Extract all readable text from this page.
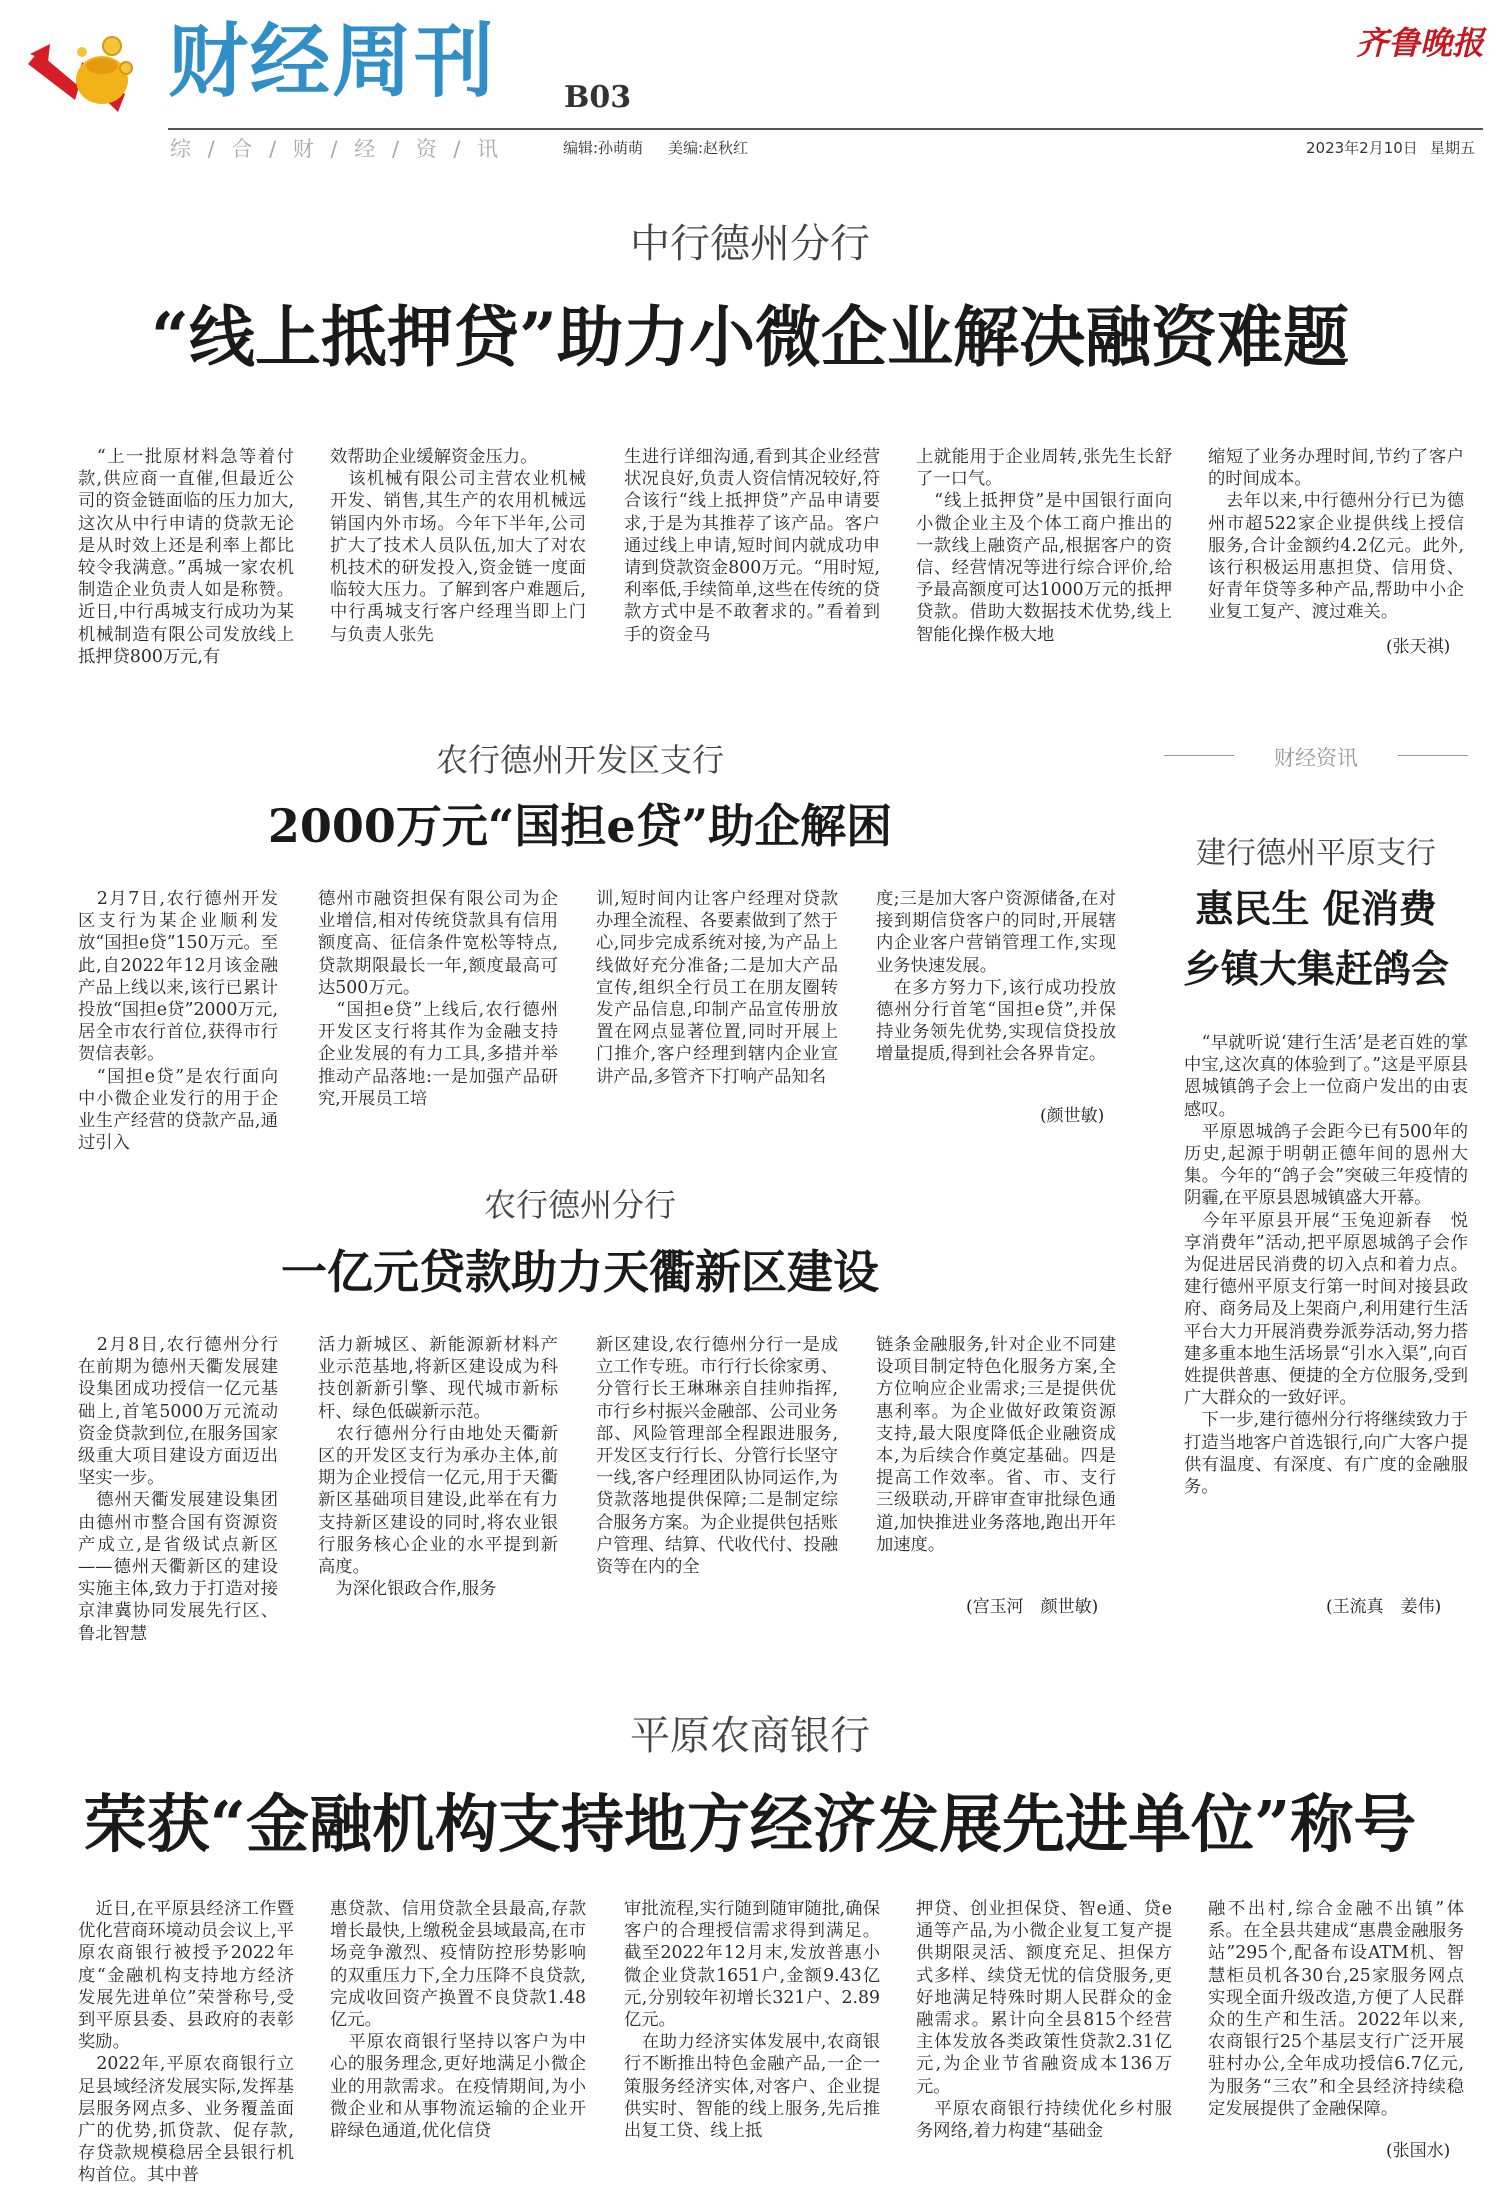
财经周刊 B03
综 / 合 / 财 / 经 / 资 / 讯	编辑:孙萌萌 美编:赵秋红	2023年2月10日 星期五
齐鲁晚报
中行德州分行
“线上抵押贷”助力小微企业解决融资难题
　“上一批原材料急等着付款,供应商一直催,但最近公司的资金链面临的压力加大,这次从中行申请的贷款无论是从时效上还是利率上都比较令我满意。”禹城一家农机制造企业负责人如是称赞。近日,中行禹城支行成功为某机械制造有限公司发放线上抵押贷800万元,有
效帮助企业缓解资金压力。
　该机械有限公司主营农业机械开发、销售,其生产的农用机械远销国内外市场。今年下半年,公司扩大了技术人员队伍,加大了对农机技术的研发投入,资金链一度面临较大压力。了解到客户难题后,中行禹城支行客户经理当即上门与负责人张先
生进行详细沟通,看到其企业经营状况良好,负责人资信情况较好,符合该行“线上抵押贷”产品申请要求,于是为其推荐了该产品。客户通过线上申请,短时间内就成功申请到贷款资金800万元。“用时短,利率低,手续简单,这些在传统的贷款方式中是不敢奢求的。”看着到手的资金马
上就能用于企业周转,张先生长舒了一口气。
　“线上抵押贷”是中国银行面向小微企业主及个体工商户推出的一款线上融资产品,根据客户的资信、经营情况等进行综合评价,给予最高额度可达1000万元的抵押贷款。借助大数据技术优势,线上智能化操作极大地
缩短了业务办理时间,节约了客户的时间成本。
　去年以来,中行德州分行已为德州市超522家企业提供线上授信服务,合计金额约4.2亿元。此外,该行积极运用惠担贷、信用贷、好青年贷等多种产品,帮助中小企业复工复产、渡过难关。
(张天祺)
农行德州开发区支行
2000万元“国担e贷”助企解困
　2月7日,农行德州开发区支行为某企业顺利发放“国担e贷”150万元。至此,自2022年12月该金融产品上线以来,该行已累计投放“国担e贷”2000万元,居全市农行首位,获得市行贺信表彰。
　“国担e贷”是农行面向中小微企业发行的用于企业生产经营的贷款产品,通过引入
德州市融资担保有限公司为企业增信,相对传统贷款具有信用额度高、征信条件宽松等特点,贷款期限最长一年,额度最高可达500万元。
　“国担e贷”上线后,农行德州开发区支行将其作为金融支持企业发展的有力工具,多措并举推动产品落地:一是加强产品研究,开展员工培
训,短时间内让客户经理对贷款办理全流程、各要素做到了然于心,同步完成系统对接,为产品上线做好充分准备;二是加大产品宣传,组织全行员工在朋友圈转发产品信息,印制产品宣传册放置在网点显著位置,同时开展上门推介,客户经理到辖内企业宣讲产品,多管齐下打响产品知名
度;三是加大客户资源储备,在对接到期信贷客户的同时,开展辖内企业客户营销管理工作,实现业务快速发展。
　在多方努力下,该行成功投放德州分行首笔“国担e贷”,并保持业务领先优势,实现信贷投放增量提质,得到社会各界肯定。
(颜世敏)
农行德州分行
一亿元贷款助力天衢新区建设
　2月8日,农行德州分行在前期为德州天衢发展建设集团成功授信一亿元基础上,首笔5000万元流动资金贷款到位,在服务国家级重大项目建设方面迈出坚实一步。
　德州天衢发展建设集团由德州市整合国有资源资产成立,是省级试点新区——德州天衢新区的建设实施主体,致力于打造对接京津冀协同发展先行区、鲁北智慧
活力新城区、新能源新材料产业示范基地,将新区建设成为科技创新新引擎、现代城市新标杆、绿色低碳新示范。
　农行德州分行由地处天衢新区的开发区支行为承办主体,前期为企业授信一亿元,用于天衢新区基础项目建设,此举在有力支持新区建设的同时,将农业银行服务核心企业的水平提到新高度。
　为深化银政合作,服务
新区建设,农行德州分行一是成立工作专班。市行行长徐家勇、分管行长王琳琳亲自挂帅指挥,市行乡村振兴金融部、公司业务部、风险管理部全程跟进服务,开发区支行行长、分管行长坚守一线,客户经理团队协同运作,为贷款落地提供保障;二是制定综合服务方案。为企业提供包括账户管理、结算、代收代付、投融资等在内的全
链条金融服务,针对企业不同建设项目制定特色化服务方案,全方位响应企业需求;三是提供优惠利率。为企业做好政策资源支持,最大限度降低企业融资成本,为后续合作奠定基础。四是提高工作效率。省、市、支行三级联动,开辟审查审批绿色通道,加快推进业务落地,跑出开年加速度。
(宫玉河　颜世敏)
财经资讯
建行德州平原支行
惠民生 促消费
乡镇大集赶鸽会
　“早就听说‘建行生活’是老百姓的掌中宝,这次真的体验到了。”这是平原县恩城镇鸽子会上一位商户发出的由衷感叹。
　平原恩城鸽子会距今已有500年的历史,起源于明朝正德年间的恩州大集。今年的“鸽子会”突破三年疫情的阴霾,在平原县恩城镇盛大开幕。
　今年平原县开展“玉兔迎新春　悦享消费年”活动,把平原恩城鸽子会作为促进居民消费的切入点和着力点。建行德州平原支行第一时间对接县政府、商务局及上架商户,利用建行生活平台大力开展消费券派券活动,努力搭建多重本地生活场景“引水入渠”,向百姓提供普惠、便捷的全方位服务,受到广大群众的一致好评。
　下一步,建行德州分行将继续致力于打造当地客户首选银行,向广大客户提供有温度、有深度、有广度的金融服务。
(王流真　姜伟)
平原农商银行
荣获“金融机构支持地方经济发展先进单位”称号
　近日,在平原县经济工作暨优化营商环境动员会议上,平原农商银行被授予2022年度“金融机构支持地方经济发展先进单位”荣誉称号,受到平原县委、县政府的表彰奖励。
　2022年,平原农商银行立足县域经济发展实际,发挥基层服务网点多、业务覆盖面广的优势,抓贷款、促存款,存贷款规模稳居全县银行机构首位。其中普
惠贷款、信用贷款全县最高,存款增长最快,上缴税金县域最高,在市场竞争激烈、疫情防控形势影响的双重压力下,全力压降不良贷款,完成收回资产换置不良贷款1.48亿元。
　平原农商银行坚持以客户为中心的服务理念,更好地满足小微企业的用款需求。在疫情期间,为小微企业和从事物流运输的企业开辟绿色通道,优化信贷
审批流程,实行随到随审随批,确保客户的合理授信需求得到满足。截至2022年12月末,发放普惠小微企业贷款1651户,金额9.43亿元,分别较年初增长321户、2.89亿元。
　在助力经济实体发展中,农商银行不断推出特色金融产品,一企一策服务经济实体,对客户、企业提供实时、智能的线上服务,先后推出复工贷、线上抵
押贷、创业担保贷、智e通、贷e通等产品,为小微企业复工复产提供期限灵活、额度充足、担保方式多样、续贷无忧的信贷服务,更好地满足特殊时期人民群众的金融需求。累计向全县815个经营主体发放各类政策性贷款2.31亿元,为企业节省融资成本136万元。
　平原农商银行持续优化乡村服务网络,着力构建“基础金
融不出村,综合金融不出镇”体系。在全县共建成“惠農金融服务站”295个,配备布设ATM机、智慧柜员机各30台,25家服务网点实现全面升级改造,方便了人民群众的生产和生活。2022年以来,农商银行25个基层支行广泛开展驻村办公,全年成功授信6.7亿元,为服务“三农”和全县经济持续稳定发展提供了金融保障。
(张国水)
